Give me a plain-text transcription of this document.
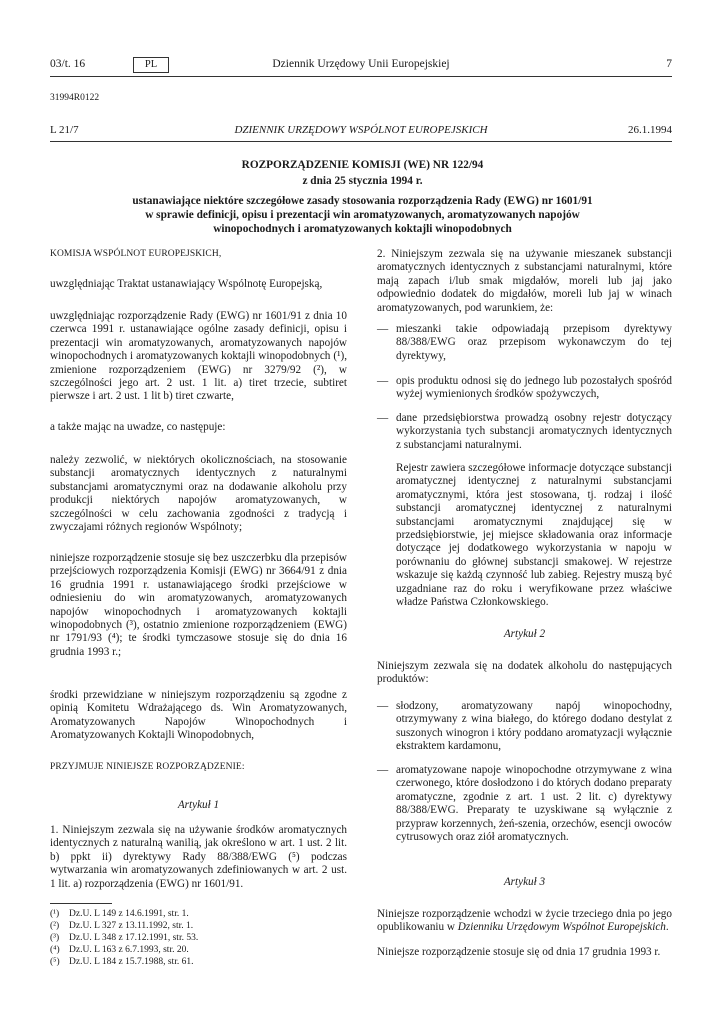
03/t. 16	PL	Dziennik Urzędowy Unii Europejskiej	7
31994R0122
L 21/7	DZIENNIK URZĘDOWY WSPÓLNOT EUROPEJSKICH	26.1.1994
ROZPORZĄDZENIE KOMISJI (WE) NR 122/94
z dnia 25 stycznia 1994 r.
ustanawiające niektóre szczegółowe zasady stosowania rozporządzenia Rady (EWG) nr 1601/91
w sprawie definicji, opisu i prezentacji win aromatyzowanych, aromatyzowanych napojów
winopochodnych i aromatyzowanych koktajli winopodobnych
KOMISJA WSPÓLNOT EUROPEJSKICH,
uwzględniając Traktat ustanawiający Wspólnotę Europejską,
uwzględniając rozporządzenie Rady (EWG) nr 1601/91 z dnia 10 czerwca 1991 r. ustanawiające ogólne zasady definicji, opisu i prezentacji win aromatyzowanych, aromatyzowanych napojów winopochodnych i aromatyzowanych koktajli winopodobnych (¹), zmienione rozporządzeniem (EWG) nr 3279/92 (²), w szczególności jego art. 2 ust. 1 lit. a) tiret trzecie, subtiret pierwsze i art. 2 ust. 1 lit b) tiret czwarte,
a także mając na uwadze, co następuje:
należy zezwolić, w niektórych okolicznościach, na stosowanie substancji aromatycznych identycznych z naturalnymi substancjami aromatycznymi oraz na dodawanie alkoholu przy produkcji niektórych napojów aromatyzowanych, w szczególności w celu zachowania zgodności z tradycją i zwyczajami różnych regionów Wspólnoty;
niniejsze rozporządzenie stosuje się bez uszczerbku dla przepisów przejściowych rozporządzenia Komisji (EWG) nr 3664/91 z dnia 16 grudnia 1991 r. ustanawiającego środki przejściowe w odniesieniu do win aromatyzowanych, aromatyzowanych napojów winopochodnych i aromatyzowanych koktajli winopodobnych (³), ostatnio zmienione rozporządzeniem (EWG) nr 1791/93 (⁴); te środki tymczasowe stosuje się do dnia 16 grudnia 1993 r.;
środki przewidziane w niniejszym rozporządzeniu są zgodne z opinią Komitetu Wdrażającego ds. Win Aromatyzowanych, Aromatyzowanych Napojów Winopochodnych i Aromatyzowanych Koktajli Winopodobnych,
PRZYJMUJE NINIEJSZE ROZPORZĄDZENIE:
Artykuł 1
1. Niniejszym zezwala się na używanie środków aromatycznych identycznych z naturalną wanilią, jak określono w art. 1 ust. 2 lit. b) ppkt ii) dyrektywy Rady 88/388/EWG (⁵) podczas wytwarzania win aromatyzowanych zdefiniowanych w art. 2 ust. 1 lit. a) rozporządzenia (EWG) nr 1601/91.
2. Niniejszym zezwala się na używanie mieszanek substancji aromatycznych identycznych z substancjami naturalnymi, które mają zapach i/lub smak migdałów, moreli lub jaj jako odpowiednio dodatek do migdałów, moreli lub jaj w winach aromatyzowanych, pod warunkiem, że:
— mieszanki takie odpowiadają przepisom dyrektywy 88/388/EWG oraz przepisom wykonawczym do tej dyrektywy,
— opis produktu odnosi się do jednego lub pozostałych spośród wyżej wymienionych środków spożywczych,
— dane przedsiębiorstwa prowadzą osobny rejestr dotyczący wykorzystania tych substancji aromatycznych identycznych z substancjami naturalnymi.
Rejestr zawiera szczegółowe informacje dotyczące substancji aromatycznej identycznej z naturalnymi substancjami aromatycznymi, która jest stosowana, tj. rodzaj i ilość substancji aromatycznej identycznej z naturalnymi substancjami aromatycznymi znajdującej się w przedsiębiorstwie, jej miejsce składowania oraz informacje dotyczące jej dodatkowego wykorzystania w napoju w porównaniu do głównej substancji smakowej. W rejestrze wskazuje się każdą czynność lub zabieg. Rejestry muszą być uzgadniane raz do roku i weryfikowane przez właściwe władze Państwa Członkowskiego.
Artykuł 2
Niniejszym zezwala się na dodatek alkoholu do następujących produktów:
— słodzony, aromatyzowany napój winopochodny, otrzymywany z wina białego, do którego dodano destylat z suszonych winogron i który poddano aromatyzacji wyłącznie ekstraktem kardamonu,
— aromatyzowane napoje winopochodne otrzymywane z wina czerwonego, które dosłodzono i do których dodano preparaty aromatyczne, zgodnie z art. 1 ust. 2 lit. c) dyrektywy 88/388/EWG. Preparaty te uzyskiwane są wyłącznie z przypraw korzennych, żeń-szenia, orzechów, esencji owoców cytrusowych oraz ziół aromatycznych.
Artykuł 3
Niniejsze rozporządzenie wchodzi w życie trzeciego dnia po jego opublikowaniu w Dzienniku Urzędowym Wspólnot Europejskich.
Niniejsze rozporządzenie stosuje się od dnia 17 grudnia 1993 r.
(¹) Dz.U. L 149 z 14.6.1991, str. 1.
(²) Dz.U. L 327 z 13.11.1992, str. 1.
(³) Dz.U. L 348 z 17.12.1991, str. 53.
(⁴) Dz.U. L 163 z 6.7.1993, str. 20.
(⁵) Dz.U. L 184 z 15.7.1988, str. 61.
